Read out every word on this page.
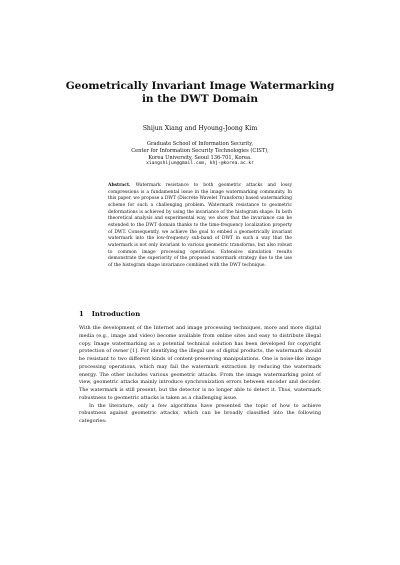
Geometrically Invariant Image Watermarking
in the DWT Domain
Shijun Xiang and Hyoung-Joong Kim
Graduate School of Information Security,
Center for Information Security Technologies (CIST),
Korea University, Seoul 136-701, Korea.
xiangshijun@gmail.com, khj-@korea.ac.kr
Abstract. Watermark resistance to both geometric attacks and lossy compressions is a fundamental issue in the image watermarking community. In this paper, we propose a DWT (Discrete Wavelet Transform) based watermarking scheme for such a challenging problem. Watermark resistance to geometric deformations is achieved by using the invariance of the histogram shape. In both theoretical analysis and experimental way, we show that the invariance can be extended to the DWT domain thanks to the time-frequency localization property of DWT. Consequently, we achieve the goal to embed a geometrically invariant watermark into the low-frequency sub-band of DWT in such a way that the watermark is not only invariant to various geometric transforms, but also robust to common image processing operations. Extensive simulation results demonstrate the superiority of the proposed watermark strategy due to the use of the histogram shape invariance combined with the DWT technique.
1 Introduction

With the development of the Internet and image processing techniques, more and more digital media (e.g., image and video) become available from online sites and easy to distribute illegal copy. Image watermarking as a potential technical solution has been developed for copyright protection of owner [1]. For identifying the illegal use of digital products, the watermark should be resistant to two different kinds of content-preserving manipulations. One is noise-like image processing operations, which may fail the watermark extraction by reducing the watermark energy. The other includes various geometric attacks. From the image watermarking point of view, geometric attacks mainly introduce synchronization errors between encoder and decoder. The watermark is still present, but the detector is no longer able to detect it. Thus, watermark robustness to geometric attacks is taken as a challenging issue.

In the literature, only a few algorithms have presented the topic of how to achieve robustness against geometric attacks, which can be broadly classified into the following categories:
